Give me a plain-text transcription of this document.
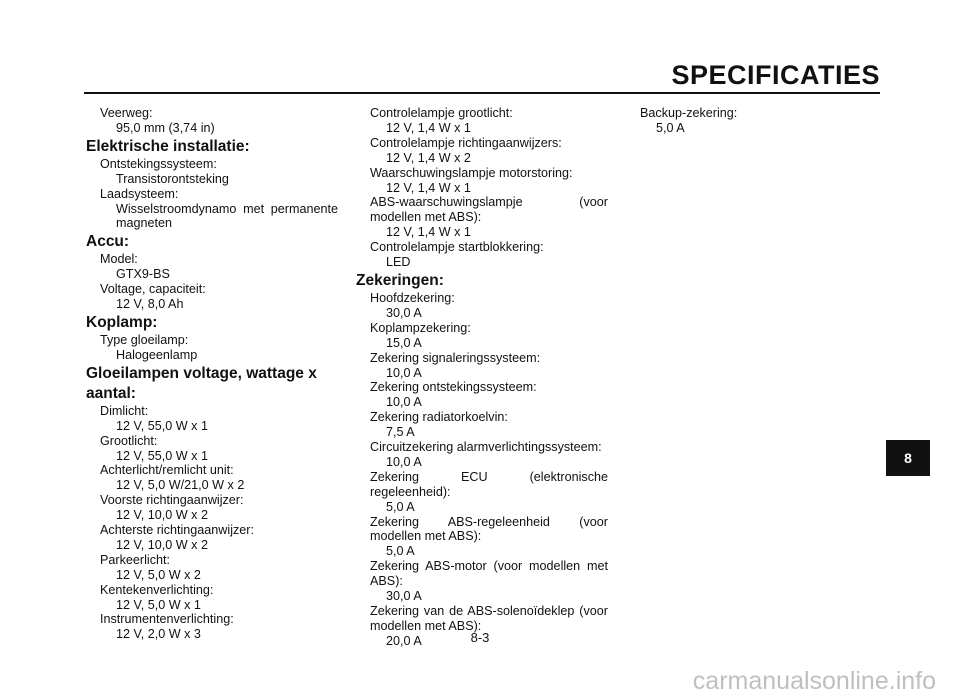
SPECIFICATIES
Veerweg:
95,0 mm (3,74 in)
Elektrische installatie:
Ontstekingssysteem:
Transistorontsteking
Laadsysteem:
Wisselstroomdynamo met permanente magneten
Accu:
Model:
GTX9-BS
Voltage, capaciteit:
12 V, 8,0 Ah
Koplamp:
Type gloeilamp:
Halogeenlamp
Gloeilampen voltage, wattage x aantal:
Dimlicht:
12 V, 55,0 W x 1
Grootlicht:
12 V, 55,0 W x 1
Achterlicht/remlicht unit:
12 V, 5,0 W/21,0 W x 2
Voorste richtingaanwijzer:
12 V, 10,0 W x 2
Achterste richtingaanwijzer:
12 V, 10,0 W x 2
Parkeerlicht:
12 V, 5,0 W x 2
Kentekenverlichting:
12 V, 5,0 W x 1
Instrumentenverlichting:
12 V, 2,0 W x 3
Controlelampje grootlicht:
12 V, 1,4 W x 1
Controlelampje richtingaanwijzers:
12 V, 1,4 W x 2
Waarschuwingslampje motorstoring:
12 V, 1,4 W x 1
ABS-waarschuwingslampje (voor modellen met ABS):
12 V, 1,4 W x 1
Controlelampje startblokkering:
LED
Zekeringen:
Hoofdzekering:
30,0 A
Koplampzekering:
15,0 A
Zekering signaleringssysteem:
10,0 A
Zekering ontstekingssysteem:
10,0 A
Zekering radiatorkoelvin:
7,5 A
Circuitzekering alarmverlichtingssysteem:
10,0 A
Zekering ECU (elektronische regeleenheid):
5,0 A
Zekering ABS-regeleenheid (voor modellen met ABS):
5,0 A
Zekering ABS-motor (voor modellen met ABS):
30,0 A
Zekering van de ABS-solenoïdeklep (voor modellen met ABS):
20,0 A
Backup-zekering:
5,0 A
8-3
8
carmanualsonline.info
